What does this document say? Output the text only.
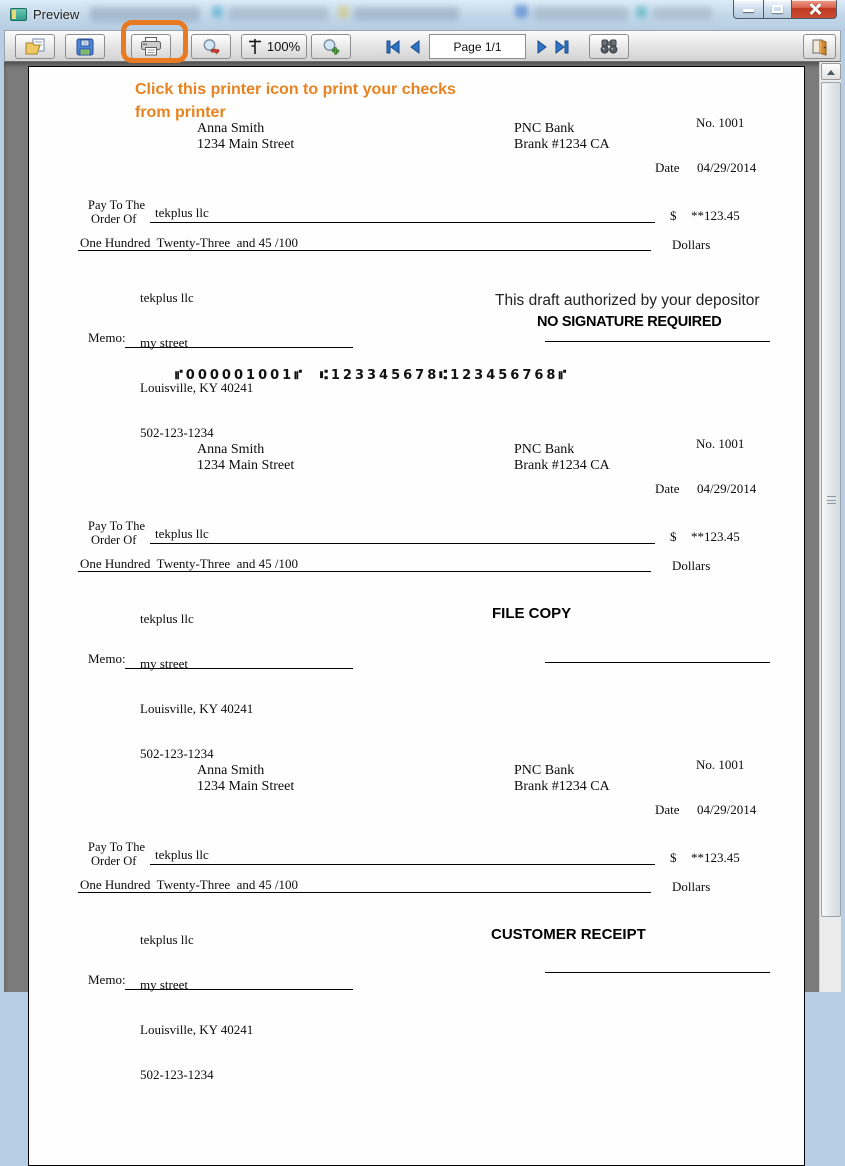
Preview
100%	Page 1/1
Click this printer icon to print your checks
from printer
No. 1001
Anna Smith
1234 Main Street
PNC Bank
Brank #1234 CA
Date 04/29/2014
Pay To The
Order Of tekplus llc	$ **123.45
One Hundred  Twenty-Three  and 45 /100	Dollars

tekplus llc

my street

Louisville, KY 40241

502-123-1234

This draft authorized by your depositor
NO SIGNATURE REQUIRED
Memo:
⑈000001001⑈  ⑆123345678⑆123456768⑈
No. 1001
Anna Smith
1234 Main Street
PNC Bank
Brank #1234 CA
Date 04/29/2014
Pay To The
Order Of tekplus llc	$ **123.45
One Hundred  Twenty-Three  and 45 /100	Dollars

tekplus llc

my street

Louisville, KY 40241

502-123-1234

FILE COPY
Memo:
No. 1001
Anna Smith
1234 Main Street
PNC Bank
Brank #1234 CA
Date 04/29/2014
Pay To The
Order Of tekplus llc	$ **123.45
One Hundred  Twenty-Three  and 45 /100	Dollars

tekplus llc

my street

Louisville, KY 40241

502-123-1234

CUSTOMER RECEIPT
Memo:
